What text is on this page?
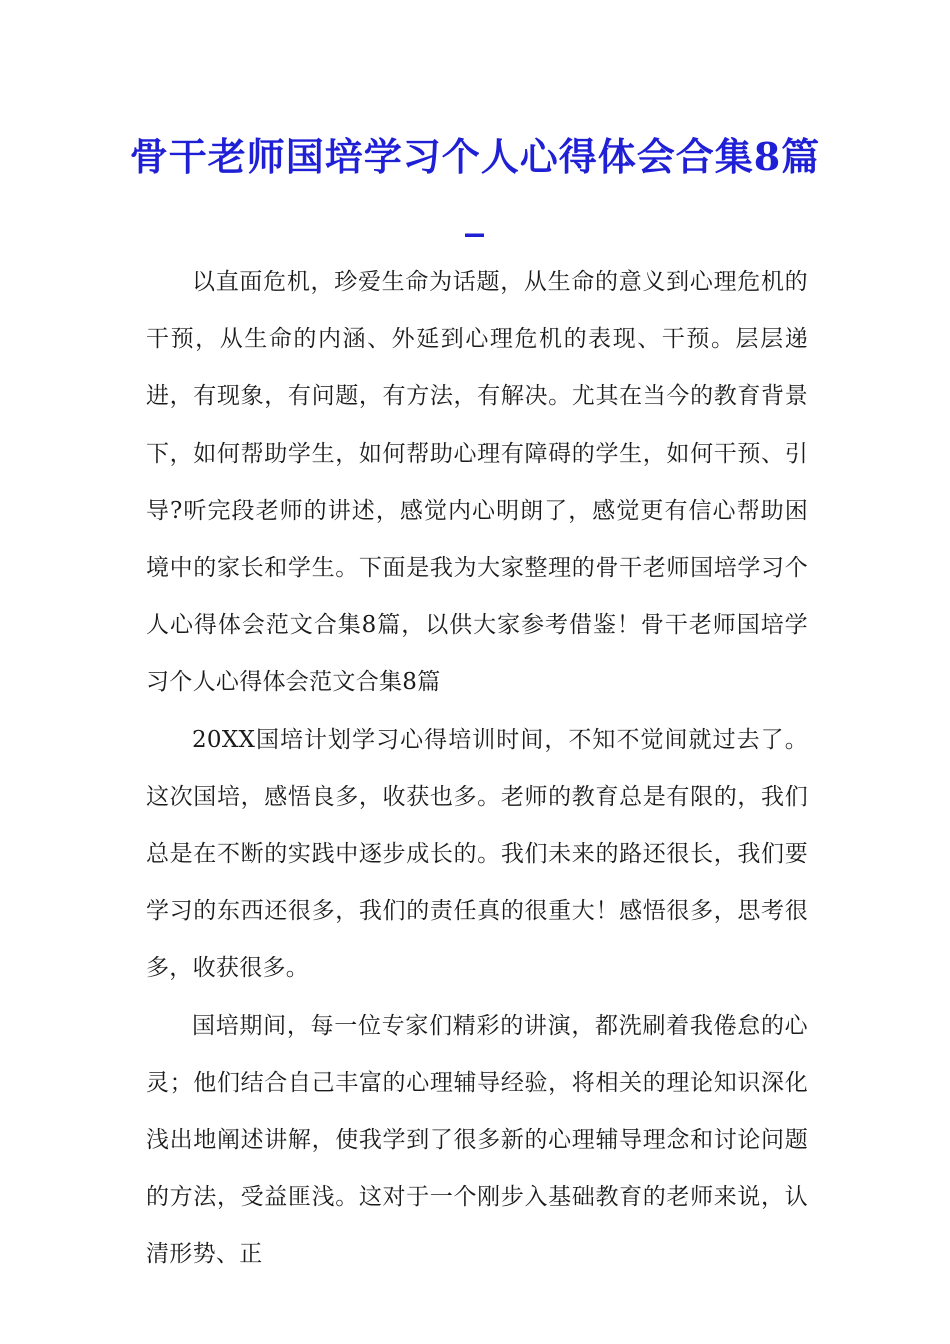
骨干老师国培学习个人心得体会合集8篇_

以直面危机，珍爱生命为话题，从生命的意义到心理危机的干预，从生命的内涵、外延到心理危机的表现、干预。层层递进，有现象，有问题，有方法，有解决。尤其在当今的教育背景下，如何帮助学生，如何帮助心理有障碍的学生，如何干预、引导?听完段老师的讲述，感觉内心明朗了，感觉更有信心帮助困境中的家长和学生。下面是我为大家整理的骨干老师国培学习个人心得体会范文合集8篇，以供大家参考借鉴！骨干老师国培学习个人心得体会范文合集8篇

20XX国培计划学习心得培训时间，不知不觉间就过去了。这次国培，感悟良多，收获也多。老师的教育总是有限的，我们总是在不断的实践中逐步成长的。我们未来的路还很长，我们要学习的东西还很多，我们的责任真的很重大！感悟很多，思考很多，收获很多。

国培期间，每一位专家们精彩的讲演，都洗刷着我倦怠的心灵；他们结合自己丰富的心理辅导经验，将相关的理论知识深化浅出地阐述讲解，使我学到了很多新的心理辅导理念和讨论问题的方法，受益匪浅。这对于一个刚步入基础教育的老师来说，认清形势、正
